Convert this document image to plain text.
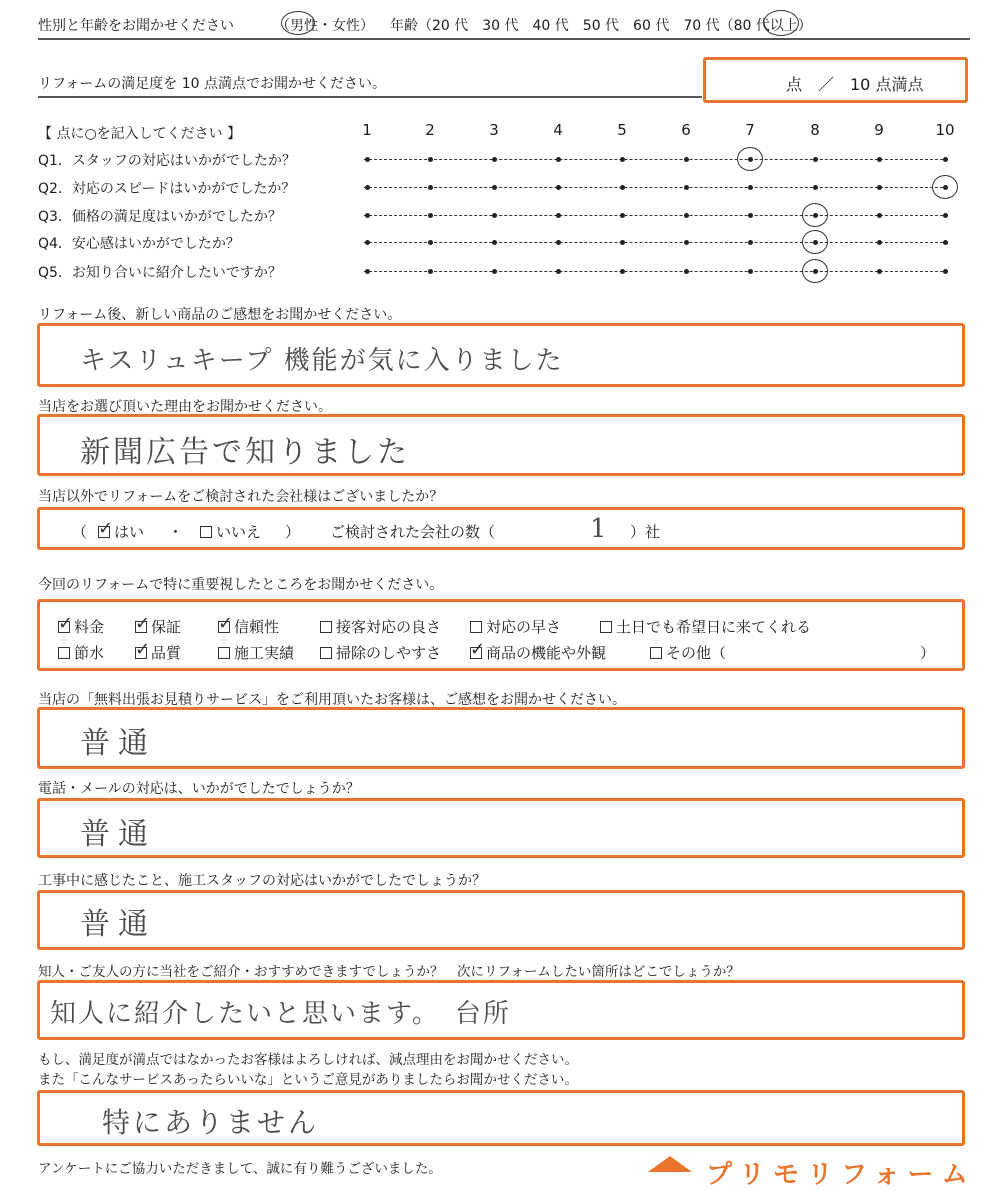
性別と年齢をお聞かせください	（男性・女性） 年齢（20 代　30 代　40 代　50 代　60 代　70 代（80 代以上）
リフォームの満足度を 10 点満点でお聞かせください。	点　／　10 点満点
【 点に○を記入してください 】	1	2	3	4	5	6	7	8	9	10
Q1．スタッフの対応はいかがでしたか？
Q2．対応のスピードはいかがでしたか？
Q3．価格の満足度はいかがでしたか？
Q4．安心感はいかがでしたか？
Q5．お知り合いに紹介したいですか？
リフォーム後、新しい商品のご感想をお聞かせください。
キスリュキープ 機能が気に入りました
当店をお選び頂いた理由をお聞かせください。
新聞広告で知りました
当店以外でリフォームをご検討された会社様はございましたか？
（ ✓	はい ・	いいえ ） ご検討された会社の数（	1 ）社
今回のリフォームで特に重要視したところをお聞かせください。
✓料金 ✓	保証 ✓	信頼性	接客対応の良さ	対応の早さ	土日でも希望日に来てくれる
節水 ✓	品質	施工実績	掃除のしやすさ ✓	商品の機能や外観	その他（	）
当店の「無料出張お見積りサービス」をご利用頂いたお客様は、ご感想をお聞かせください。
普通
電話・メールの対応は、いかがでしたでしょうか？
普通
工事中に感じたこと、施工スタッフの対応はいかがでしたでしょうか？
普通
知人・ご友人の方に当社をご紹介・おすすめできますでしょうか？　次にリフォームしたい箇所はどこでしょうか？
知人に紹介したいと思います。　台所
もし、満足度が満点ではなかったお客様はよろしければ、減点理由をお聞かせください。
また「こんなサービスあったらいいな」というご意見がありましたらお聞かせください。
特にありません
アンケートにご協力いただきまして、誠に有り難うございました。	プリモリフォーム
